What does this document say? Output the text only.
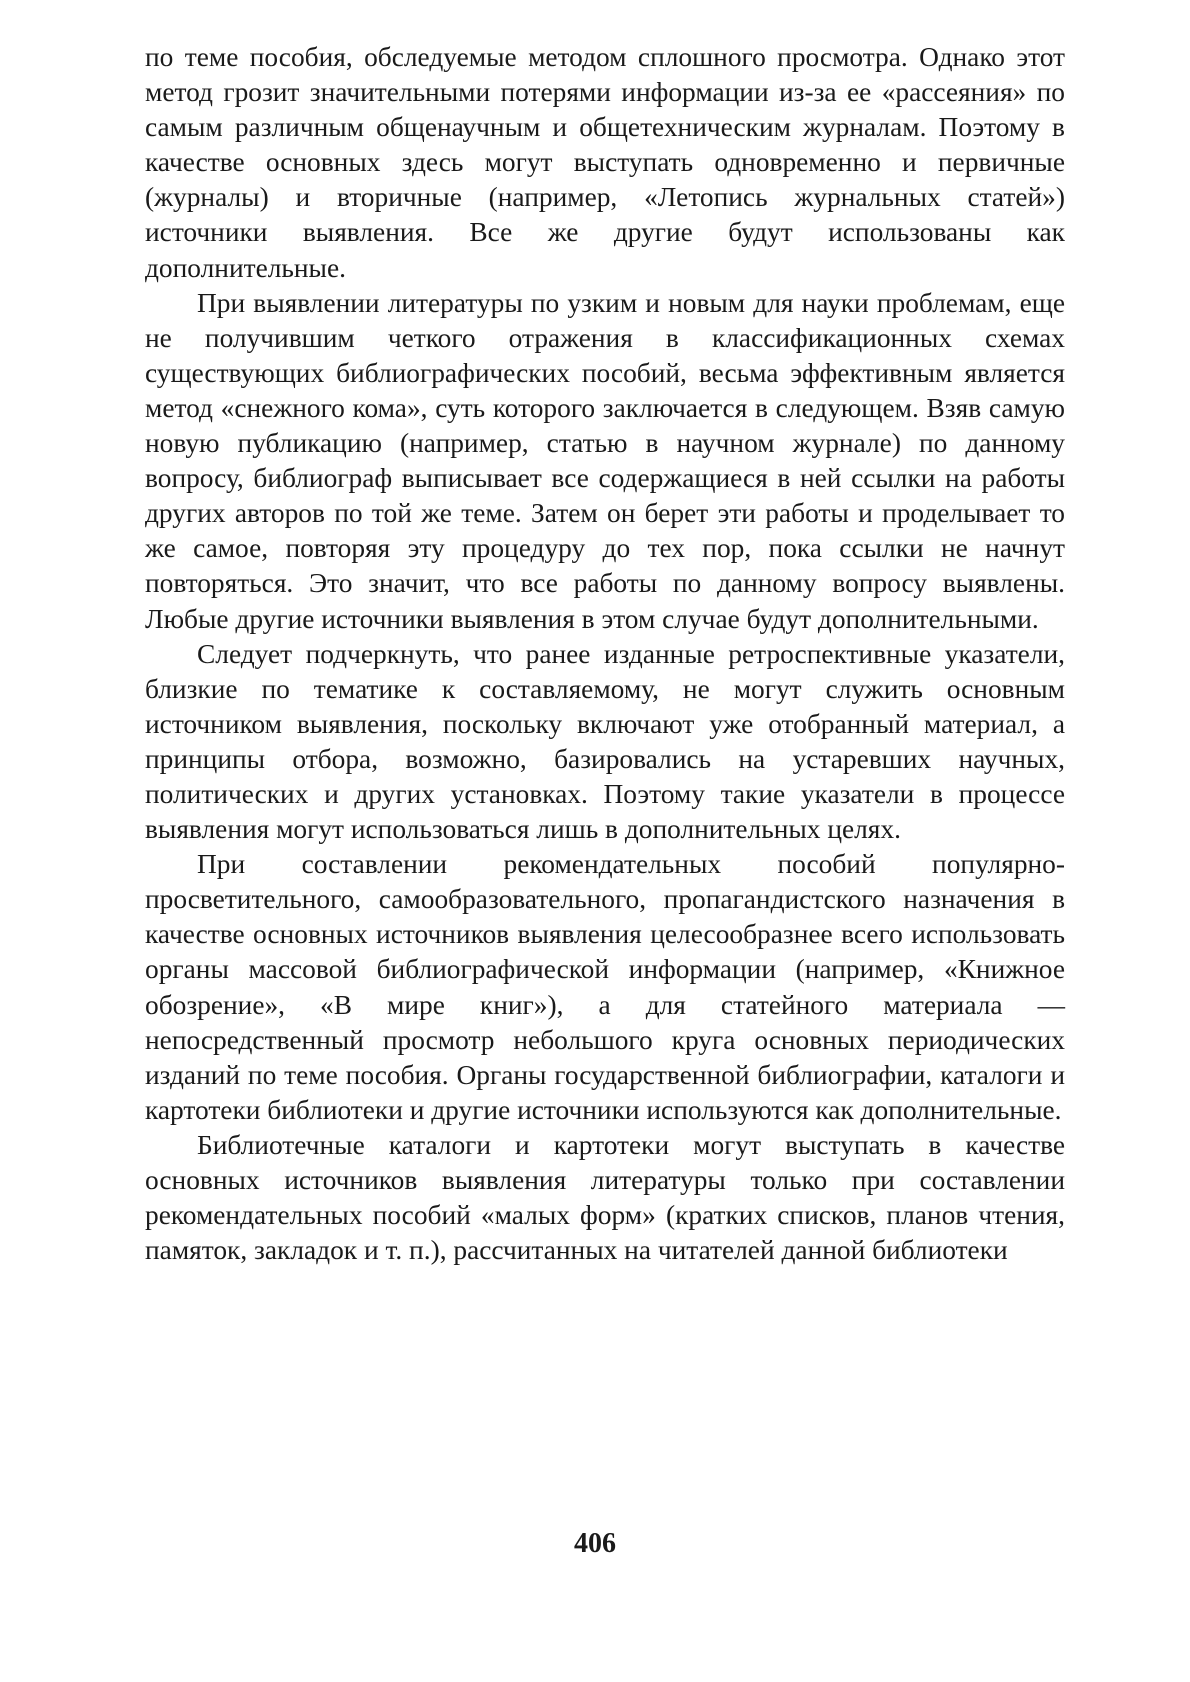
по теме пособия, обследуемые методом сплошного просмотра. Однако этот метод грозит значительными потерями информации из-за ее «рассеяния» по самым различным общенаучным и общетехническим журналам. Поэтому в качестве основных здесь могут выступать одновременно и первичные (журналы) и вторичные (например, «Летопись журнальных статей») источники выявления. Все же другие будут использованы как дополнительные.

При выявлении литературы по узким и новым для науки проблемам, еще не получившим четкого отражения в классификационных схемах существующих библиографических пособий, весьма эффективным является метод «снежного кома», суть которого заключается в следующем. Взяв самую новую публикацию (например, статью в научном журнале) по данному вопросу, библиограф выписывает все содержащиеся в ней ссылки на работы других авторов по той же теме. Затем он берет эти работы и проделывает то же самое, повторяя эту процедуру до тех пор, пока ссылки не начнут повторяться. Это значит, что все работы по данному вопросу выявлены. Любые другие источники выявления в этом случае будут дополнительными.

Следует подчеркнуть, что ранее изданные ретроспективные указатели, близкие по тематике к составляемому, не могут служить основным источником выявления, поскольку включают уже отобранный материал, а принципы отбора, возможно, базировались на устаревших научных, политических и других установках. Поэтому такие указатели в процессе выявления могут использоваться лишь в дополнительных целях.

При составлении рекомендательных пособий популярно-просветительного, самообразовательного, пропагандистского назначения в качестве основных источников выявления целесообразнее всего использовать органы массовой библиографической информации (например, «Книжное обозрение», «В мире книг»), а для статейного материала — непосредственный просмотр небольшого круга основных периодических изданий по теме пособия. Органы государственной библиографии, каталоги и картотеки библиотеки и другие источники используются как дополнительные.

Библиотечные каталоги и картотеки могут выступать в качестве основных источников выявления литературы только при составлении рекомендательных пособий «малых форм» (кратких списков, планов чтения, памяток, закладок и т. п.), рассчитанных на читателей данной библиотеки

406
